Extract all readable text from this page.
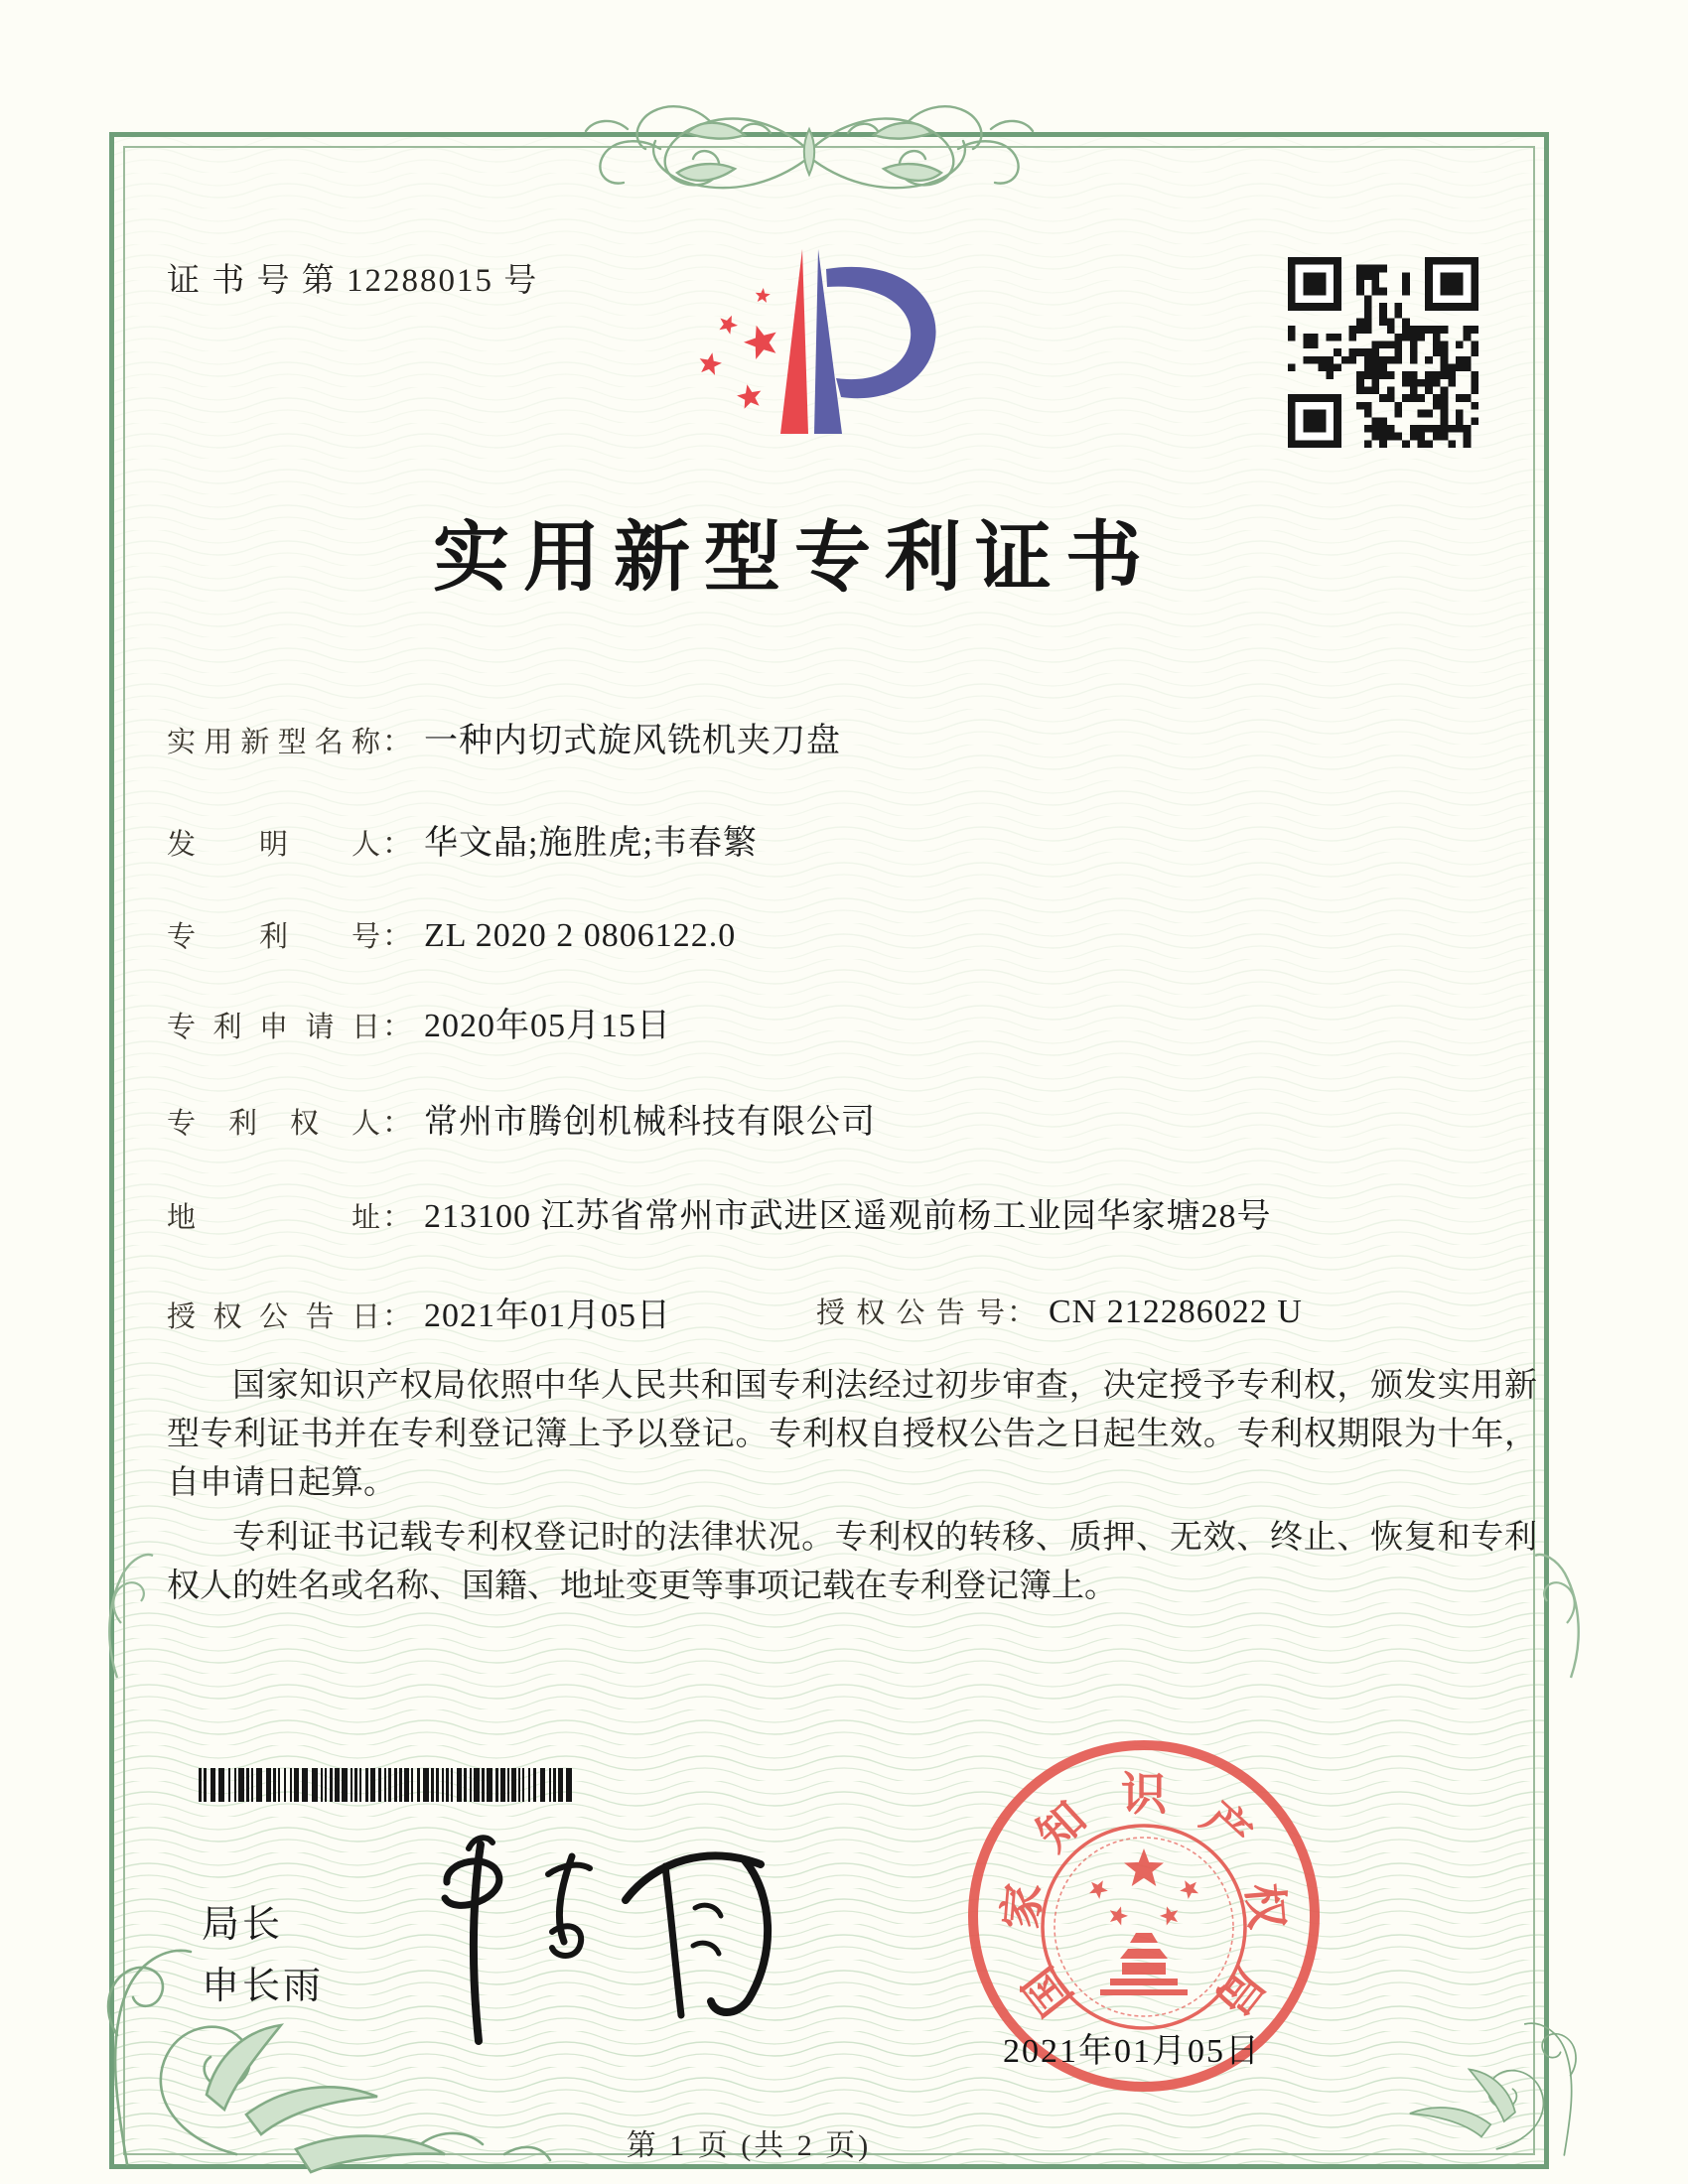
证 书 号 第 12288015 号
实用新型专利证书
实用新型名称： 一种内切式旋风铣机夹刀盘
发明人： 华文晶;施胜虎;韦春繁
专利号： ZL 2020 2 0806122.0
专利申请日： 2020年05月15日
专利权人： 常州市腾创机械科技有限公司
地址： 213100 江苏省常州市武进区遥观前杨工业园华家塘28号
授权公告日： 2021年01月05日	授权公告号： CN 212286022 U

国家知识产权局依照中华人民共和国专利法经过初步审查，决定授予专利权，颁发实用新型专利证书并在专利登记簿上予以登记。专利权自授权公告之日起生效。专利权期限为十年，自申请日起算。

专利证书记载专利权登记时的法律状况。专利权的转移、质押、无效、终止、恢复和专利权人的姓名或名称、国籍、地址变更等事项记载在专利登记簿上。

局长
申长雨	国
家
知 识 产
权
局
2021年01月05日
第 1 页 (共 2 页)
